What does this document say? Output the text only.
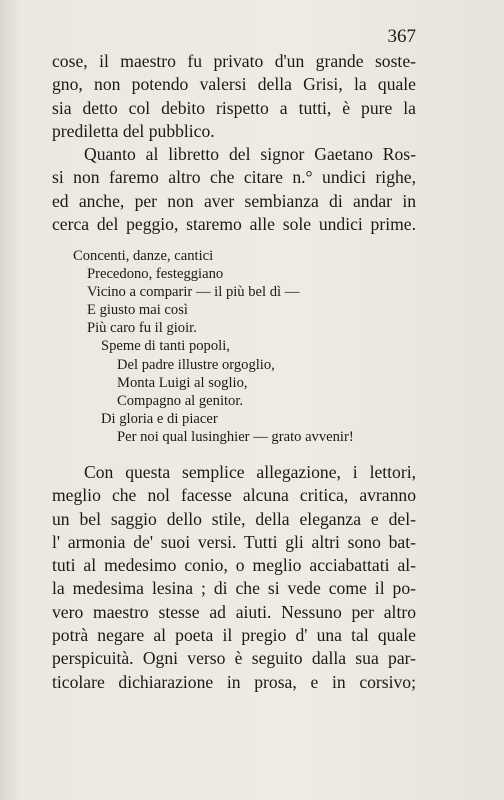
367
cose, il maestro fu privato d'un grande soste-
gno, non potendo valersi della Grisi, la quale
sia detto col debito rispetto a tutti, è pure la
prediletta del pubblico.
Quanto al libretto del signor Gaetano Ros-
si non faremo altro che citare n.° undici righe,
ed anche, per non aver sembianza di andar in
cerca del peggio, staremo alle sole undici prime.
Concenti, danze, cantici
Precedono, festeggiano
Vicino a comparir — il più bel dì —
E giusto mai così
Più caro fu il gioir.
Speme di tanti popoli,
Del padre illustre orgoglio,
Monta Luigi al soglio,
Compagno al genitor.
Di gloria e di piacer
Per noi qual lusinghier — grato avvenir!
Con questa semplice allegazione, i lettori,
meglio che nol facesse alcuna critica, avranno
un bel saggio dello stile, della eleganza e del-
l' armonia de' suoi versi. Tutti gli altri sono bat-
tuti al medesimo conio, o meglio acciabattati al-
la medesima lesina ; di che si vede come il po-
vero maestro stesse ad aiuti. Nessuno per altro
potrà negare al poeta il pregio d' una tal quale
perspicuità. Ogni verso è seguito dalla sua par-
ticolare dichiarazione in prosa, e in corsivo;
